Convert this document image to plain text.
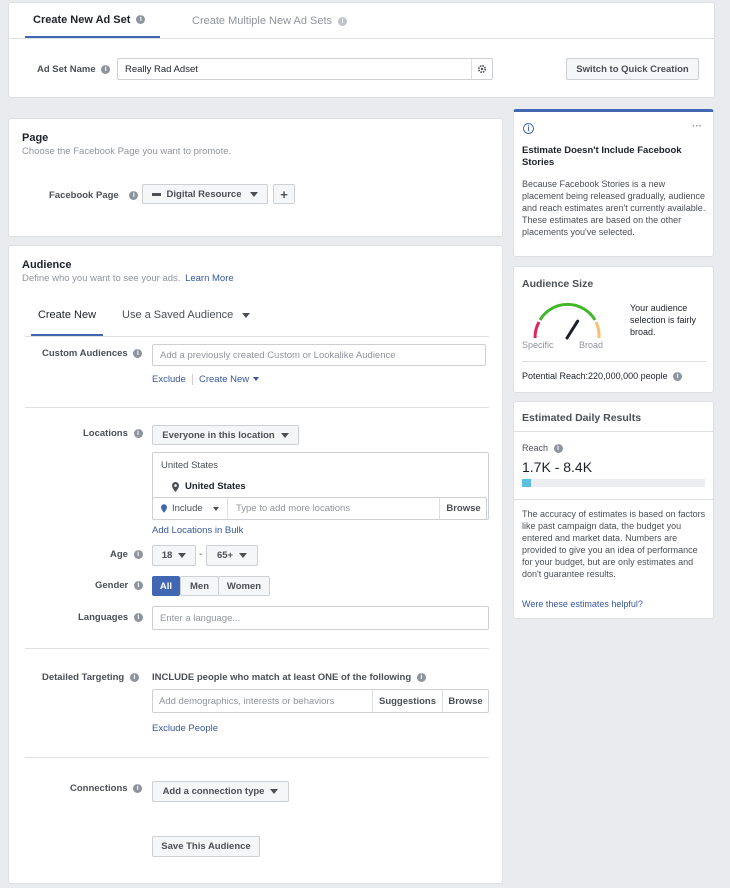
Create New Ad Set	i	Create Multiple New Ad Sets	i
Ad Set Name i	Really Rad Adset	Switch to Quick Creation
Page
Choose the Facebook Page you want to promote.
Facebook Page i	Digital Resource	+
Audience
Define who you want to see your ads. Learn More
Create New	Use a Saved Audience
Custom Audiences i	Add a previously created Custom or Lookalike Audience
Exclude Create New
Locations i	Everyone in this location
United States
United States
Include	Type to add more locations	Browse
Add Locations in Bulk
Age i	18	- 65+
Gender i	All	Men	Women
Languages i	Enter a language...
Detailed Targeting i	INCLUDE people who match at least ONE of the following i
Add demographics, interests or behaviors	Suggestions Browse
Exclude People
Connections i	Add a connection type
Save This Audience
i	···
Estimate Doesn't Include Facebook Stories
Because Facebook Stories is a new placement being released gradually, audience and reach estimates aren't currently available. These estimates are based on the other placements you've selected.
Audience Size
Specific	Broad
Your audience selection is fairly broad.
Potential Reach:220,000,000 people i
Estimated Daily Results
Reach i
1.7K - 8.4K
The accuracy of estimates is based on factors like past campaign data, the budget you entered and market data. Numbers are provided to give you an idea of performance for your budget, but are only estimates and don't guarantee results.
Were these estimates helpful?
